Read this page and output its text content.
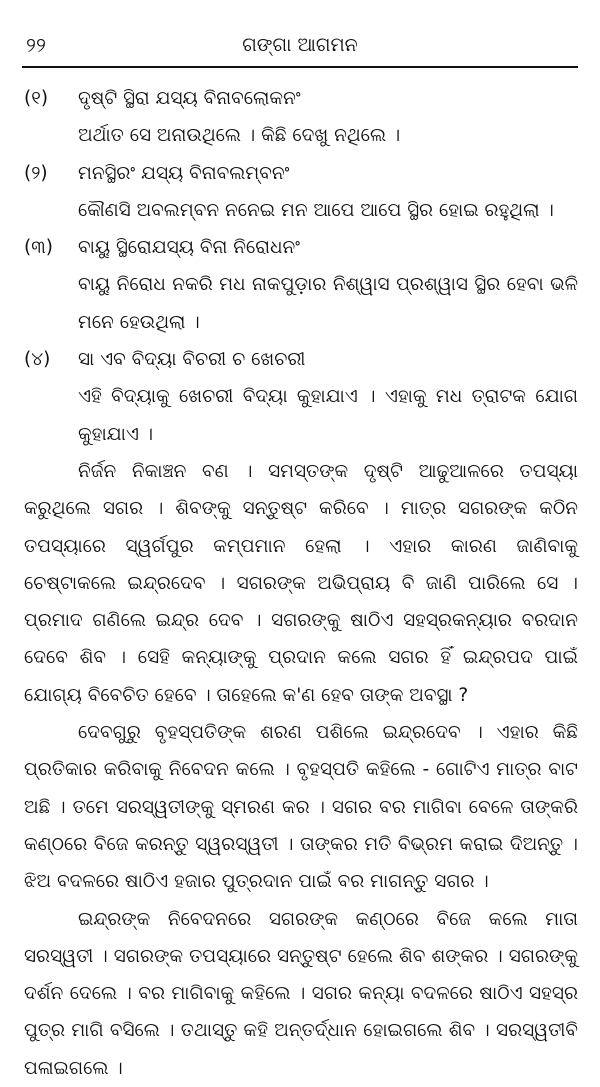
୨୨	ଗଙ୍ଗା ଆଗମନ
(୧)	ଦୃଷ୍ଟି ସ୍ଥିରା ଯସ୍ୟ ବିନାବଲୋକନଂ
ଅର୍ଥାତ ସେ ଅନାଉଥିଲେ । କିଛି ଦେଖୁ ନଥିଲେ ।
(୨)	ମନସ୍ଥିରଂ ଯସ୍ୟ ବିନାବଲମ୍ବନଂ
କୌଣସି ଅବଲମ୍ବନ ନନେଇ ମନ ଆପେ ଆପେ ସ୍ଥିର ହୋଇ ରହୁଥିଲା ।
(୩)	ବାୟୁ ସ୍ଥିରୋଯସ୍ୟ ବିନା ନିରୋଧନଂ
ବାୟୁ ନିରୋଧ ନକରି ମଧ ନାକପୁଡ଼ାର ନିଶ୍ୱାସ ପ୍ରଶ୍ୱାସ ସ୍ଥିର ହେବା ଭଳି ମନେ ହେଉଥିଲା ।
(୪)	ସା ଏବ ବିଦ୍ୟା ବିଚରୀ ଚ ଖେଚରୀ
ଏହି ବିଦ୍ୟାକୁ ଖେଚରୀ ବିଦ୍ୟା କୁହାଯାଏ । ଏହାକୁ ମଧ ତ୍ରାଟକ ଯୋଗ କୁହାଯାଏ ।

ନିର୍ଜନ ନିକାଞ୍ଚନ ବଣ । ସମସ୍ତଙ୍କ ଦୃଷ୍ଟି ଆଢୁଆଳରେ ତପସ୍ୟା କରୁଥିଲେ ସଗର । ଶିବଙ୍କୁ ସନ୍ତୁଷ୍ଟ କରିବେ । ମାତ୍ର ସଗରଙ୍କ କଠିନ ତପସ୍ୟାରେ ସ୍ୱର୍ଗପୁର କମ୍ପମାନ ହେଲା । ଏହାର କାରଣ ଜାଣିବାକୁ ଚେଷ୍ଟାକଲେ ଇନ୍ଦ୍ରଦେବ । ସଗରଙ୍କ ଅଭିପ୍ରାୟ ବି ଜାଣି ପାରିଲେ ସେ । ପ୍ରମାଦ ଗଣିଲେ ଇନ୍ଦ୍ର ଦେବ । ସଗରଙ୍କୁ ଷାଠିଏ ସହସ୍ରକନ୍ୟାର ବରଦାନ ଦେବେ ଶିବ । ସେହି କନ୍ୟାଙ୍କୁ ପ୍ରଦାନ କଲେ ସଗର ହିଁ ଇନ୍ଦ୍ରପଦ ପାଇଁ ଯୋଗ୍ୟ ବିବେଚିତ ହେବେ । ତାହେଲେ କ'ଣ ହେବ ତାଙ୍କ ଅବସ୍ଥା ?

ଦେବଗୁରୁ ବୃହସ୍ପତିଙ୍କ ଶରଣ ପଶିଲେ ଇନ୍ଦ୍ରଦେବ । ଏହାର କିଛି ପ୍ରତିକାର କରିବାକୁ ନିବେଦନ କଲେ । ବୃହସ୍ପତି କହିଲେ - ଗୋଟିଏ ମାତ୍ର ବାଟ ଅଛି । ତମେ ସରସ୍ୱତୀଙ୍କୁ ସ୍ମରଣ କର । ସଗର ବର ମାଗିବା ବେଳେ ତାଙ୍କରି କଣ୍ଠରେ ବିଜେ କରନ୍ତୁ ସ୍ୱରସ୍ୱତୀ । ତାଙ୍କର ମତି ବିଭ୍ରମ କରାଇ ଦିଅନ୍ତୁ । ଝିଅ ବଦଳରେ ଷାଠିଏ ହଜାର ପୁତ୍ରଦାନ ପାଇଁ ବର ମାଗନ୍ତୁ ସଗର ।

ଇନ୍ଦ୍ରଙ୍କ ନିବେଦନରେ ସଗରଙ୍କ କଣ୍ଠରେ ବିଜେ କଲେ ମାତା ସରସ୍ୱତୀ । ସଗରଙ୍କ ତପସ୍ୟାରେ ସନ୍ତୁଷ୍ଟ ହେଲେ ଶିବ ଶଙ୍କର । ସଗରଙ୍କୁ ଦର୍ଶନ ଦେଲେ । ବର ମାଗିବାକୁ କହିଲେ । ସଗର କନ୍ୟା ବଦଳରେ ଷାଠିଏ ସହସ୍ର ପୁତ୍ର ମାଗି ବସିଲେ । ତଥାସ୍ତୁ କହି ଅନ୍ତର୍ଦ୍ଧାନ ହୋଇଗଲେ ଶିବ । ସରସ୍ୱତୀବି ପଳାଇଗଲେ ।
